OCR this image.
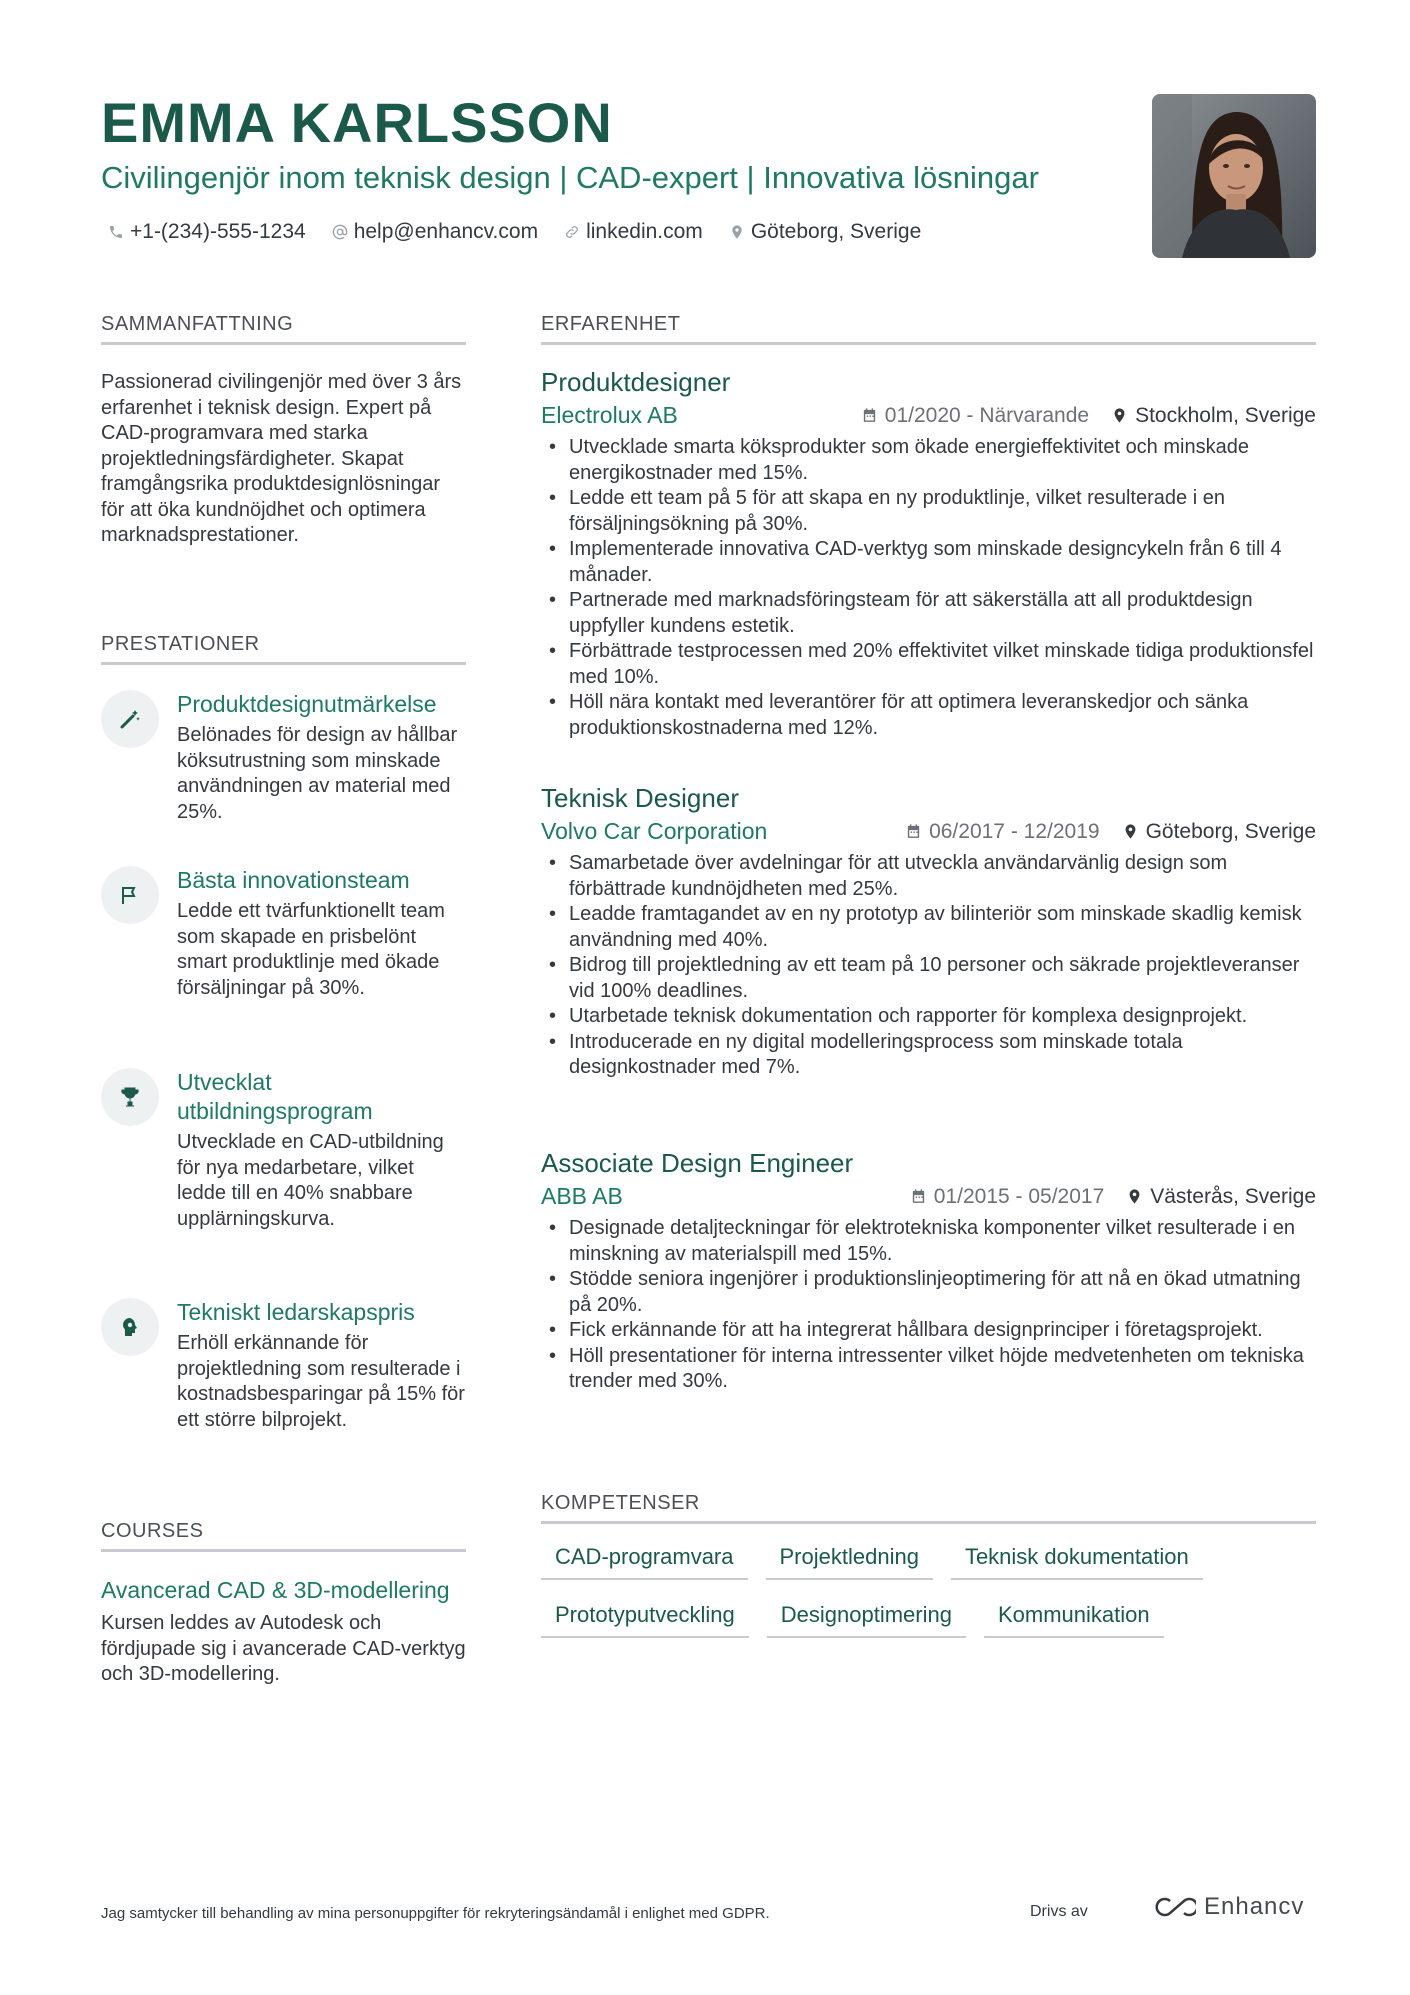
EMMA KARLSSON
Civilingenjör inom teknisk design | CAD-expert | Innovativa lösningar
+1-(234)-555-1234 help@enhancv.com linkedin.com Göteborg, Sverige
SAMMANFATTNING
Passionerad civilingenjör med över 3 års erfarenhet i teknisk design. Expert på CAD-programvara med starka projektledningsfärdigheter. Skapat framgångsrika produktdesignlösningar för att öka kundnöjdhet och optimera marknadsprestationer.
PRESTATIONER
Produktdesignutmärkelse
Belönades för design av hållbar köksutrustning som minskade användningen av material med 25%.
Bästa innovationsteam
Ledde ett tvärfunktionellt team som skapade en prisbelönt smart produktlinje med ökade försäljningar på 30%.
Utvecklat utbildningsprogram
Utvecklade en CAD-utbildning för nya medarbetare, vilket ledde till en 40% snabbare upplärningskurva.
Tekniskt ledarskapspris
Erhöll erkännande för projektledning som resulterade i kostnadsbesparingar på 15% för ett större bilprojekt.
COURSES
Avancerad CAD & 3D-modellering
Kursen leddes av Autodesk och fördjupade sig i avancerade CAD-verktyg och 3D-modellering.
ERFARENHET
Produktdesigner
Electrolux AB	01/2020 - Närvarande Stockholm, Sverige
• Utvecklade smarta köksprodukter som ökade energieffektivitet och minskade energikostnader med 15%.
• Ledde ett team på 5 för att skapa en ny produktlinje, vilket resulterade i en försäljningsökning på 30%.
• Implementerade innovativa CAD-verktyg som minskade designcykeln från 6 till 4 månader.
• Partnerade med marknadsföringsteam för att säkerställa att all produktdesign uppfyller kundens estetik.
• Förbättrade testprocessen med 20% effektivitet vilket minskade tidiga produktionsfel med 10%.
• Höll nära kontakt med leverantörer för att optimera leveranskedjor och sänka produktionskostnaderna med 12%.
Teknisk Designer
Volvo Car Corporation	06/2017 - 12/2019 Göteborg, Sverige
• Samarbetade över avdelningar för att utveckla användarvänlig design som förbättrade kundnöjdheten med 25%.
• Leadde framtagandet av en ny prototyp av bilinteriör som minskade skadlig kemisk användning med 40%.
• Bidrog till projektledning av ett team på 10 personer och säkrade projektleveranser vid 100% deadlines.
• Utarbetade teknisk dokumentation och rapporter för komplexa designprojekt.
• Introducerade en ny digital modelleringsprocess som minskade totala designkostnader med 7%.
Associate Design Engineer
ABB AB	01/2015 - 05/2017 Västerås, Sverige
• Designade detaljteckningar för elektrotekniska komponenter vilket resulterade i en minskning av materialspill med 15%.
• Stödde seniora ingenjörer i produktionslinjeoptimering för att nå en ökad utmatning på 20%.
• Fick erkännande för att ha integrerat hållbara designprinciper i företagsprojekt.
• Höll presentationer för interna intressenter vilket höjde medvetenheten om tekniska trender med 30%.
KOMPETENSER
CAD-programvara	Projektledning	Teknisk dokumentation
Prototyputveckling	Designoptimering	Kommunikation
Jag samtycker till behandling av mina personuppgifter för rekryteringsändamål i enlighet med GDPR.	Drivs av	Enhancv
